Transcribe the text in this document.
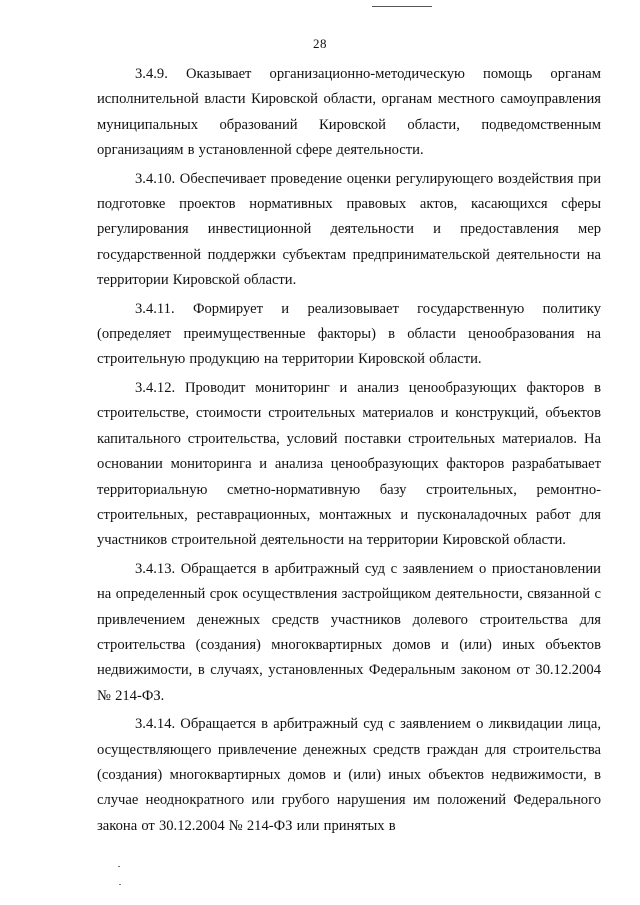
28

3.4.9. Оказывает организационно-методическую помощь органам исполнительной власти Кировской области, органам местного самоуправления муниципальных образований Кировской области, подведомственным организациям в установленной сфере деятельности.

3.4.10. Обеспечивает проведение оценки регулирующего воздействия при подготовке проектов нормативных правовых актов, касающихся сферы регулирования инвестиционной деятельности и предоставления мер государственной поддержки субъектам предпринимательской деятельности на территории Кировской области.

3.4.11. Формирует и реализовывает государственную политику (определяет преимущественные факторы) в области ценообразования на строительную продукцию на территории Кировской области.

3.4.12. Проводит мониторинг и анализ ценообразующих факторов в строительстве, стоимости строительных материалов и конструкций, объектов капитального строительства, условий поставки строительных материалов. На основании мониторинга и анализа ценообразующих факторов разрабатывает территориальную сметно-нормативную базу строительных, ремонтно-строительных, реставрационных, монтажных и пусконаладочных работ для участников строительной деятельности на территории Кировской области.

3.4.13. Обращается в арбитражный суд с заявлением о приостановлении на определенный срок осуществления застройщиком деятельности, связанной с привлечением денежных средств участников долевого строительства для строительства (создания) многоквартирных домов и (или) иных объектов недвижимости, в случаях, установленных Федеральным законом от 30.12.2004 № 214-ФЗ.

3.4.14. Обращается в арбитражный суд с заявлением о ликвидации лица, осуществляющего привлечение денежных средств граждан для строительства (создания) многоквартирных домов и (или) иных объектов недвижимости, в случае неоднократного или грубого нарушения им положений Федерального закона от 30.12.2004 № 214-ФЗ или принятых в
